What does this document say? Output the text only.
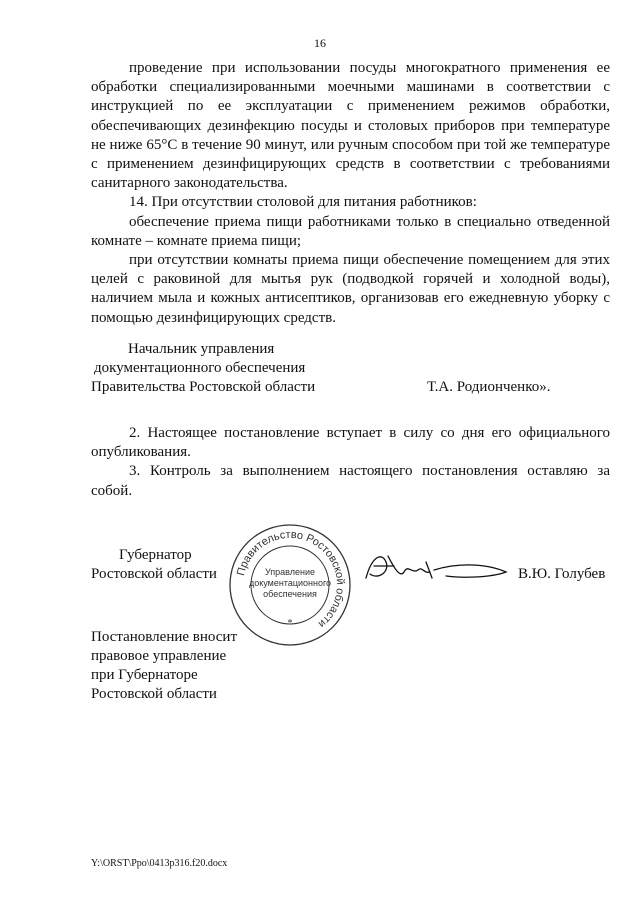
16

проведение при использовании посуды многократного применения ее обработки специализированными моечными машинами в соответствии с инструкцией по ее эксплуатации с применением режимов обработки, обеспечивающих дезинфекцию посуды и столовых приборов при температуре не ниже 65°С в течение 90 минут, или ручным способом при той же температуре с применением дезинфицирующих средств в соответствии с требованиями санитарного законодательства.

14. При отсутствии столовой для питания работников:

обеспечение приема пищи работниками только в специально отведенной комнате – комнате приема пищи;

при отсутствии комнаты приема пищи обеспечение помещением для этих целей с раковиной для мытья рук (подводкой горячей и холодной воды), наличием мыла и кожных антисептиков, организовав его ежедневную уборку с помощью дезинфицирующих средств.

Начальник управления
документационного обеспечения
Правительства Ростовской области	Т.А. Родионченко».

2. Настоящее постановление вступает в силу со дня его официального опубликования.

3. Контроль за выполнением настоящего постановления оставляю за собой.

Губернатор
Ростовской области	В.Ю. Голубев
Правительство Ростовской области
*
Управление
документационного
обеспечения
Постановление вносит
правовое управление
при Губернаторе
Ростовской области
Y:\ORST\Ppo\0413p316.f20.docx
